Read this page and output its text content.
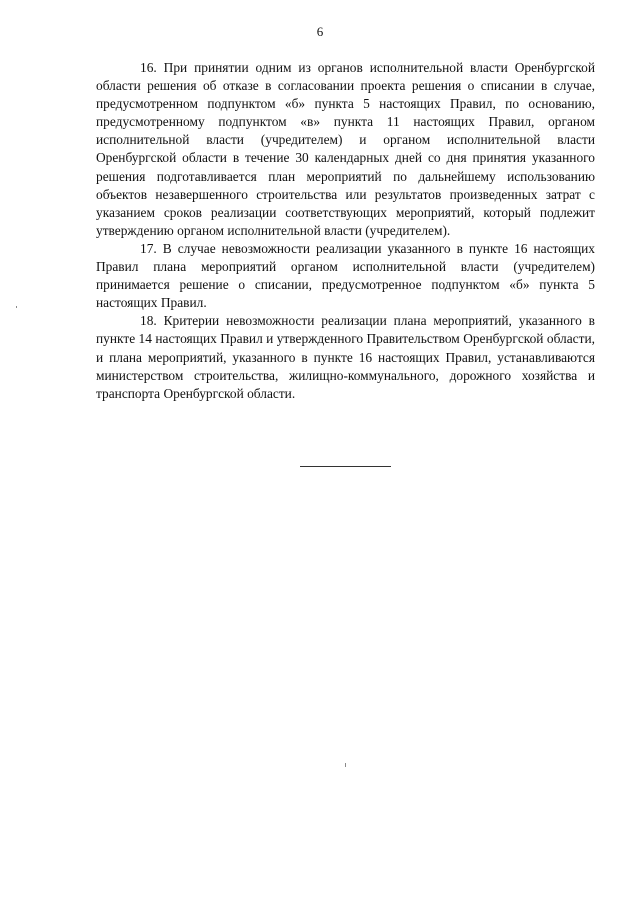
6

16. При принятии одним из органов исполнительной власти Оренбургской области решения об отказе в согласовании проекта решения о списании в случае, предусмотренном подпунктом «б» пункта 5 настоящих Правил, по основанию, предусмотренному подпунктом «в» пункта 11 настоящих Правил, органом исполнительной власти (учредителем) и органом исполнительной власти Оренбургской области в течение 30 календарных дней со дня принятия указанного решения подготавливается план мероприятий по дальнейшему использованию объектов незавершенного строительства или результатов произведенных затрат с указанием сроков реализации соответствующих мероприятий, который подлежит утверждению органом исполнительной власти (учредителем).

17. В случае невозможности реализации указанного в пункте 16 настоящих Правил плана мероприятий органом исполнительной власти (учредителем) принимается решение о списании, предусмотренное подпунктом «б» пункта 5 настоящих Правил.

18. Критерии невозможности реализации плана мероприятий, указанного в пункте 14 настоящих Правил и утвержденного Правительством Оренбургской области, и плана мероприятий, указанного в пункте 16 настоящих Правил, устанавливаются министерством строительства, жилищно-коммунального, дорожного хозяйства и транспорта Оренбургской области.
